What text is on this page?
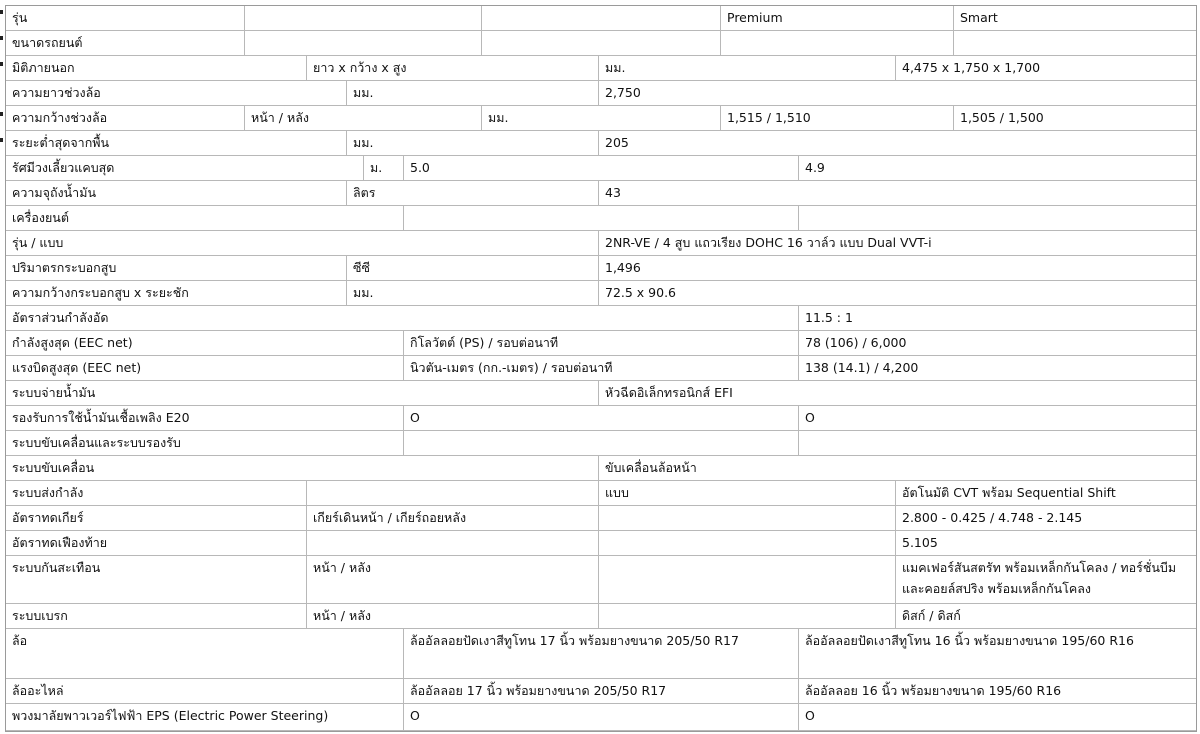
รุ่น	Premium	Smart
ขนาดรถยนต์
มิติภายนอก	ยาว x กว้าง x สูง	มม.	4,475 x 1,750 x 1,700
ความยาวช่วงล้อ	มม.	2,750
ความกว้างช่วงล้อ	หน้า / หลัง	มม.	1,515 / 1,510	1,505 / 1,500
ระยะต่ำสุดจากพื้น	มม.	205
รัศมีวงเลี้ยวแคบสุด	ม.	5.0	4.9
ความจุถังน้ำมัน	ลิตร	43
เครื่องยนต์
รุ่น / แบบ	2NR-VE / 4 สูบ แถวเรียง DOHC 16 วาล์ว แบบ Dual VVT-i
ปริมาตรกระบอกสูบ	ซีซี	1,496
ความกว้างกระบอกสูบ x ระยะชัก	มม.	72.5 x 90.6
อัตราส่วนกำลังอัด	11.5 : 1
กำลังสูงสุด (EEC net)	กิโลวัตต์ (PS) / รอบต่อนาที	78 (106) / 6,000
แรงบิดสูงสุด (EEC net)	นิวตัน-เมตร (กก.-เมตร) / รอบต่อนาที	138 (14.1) / 4,200
ระบบจ่ายน้ำมัน	หัวฉีดอิเล็กทรอนิกส์ EFI
รองรับการใช้น้ำมันเชื้อเพลิง E20	O	O
ระบบขับเคลื่อนและระบบรองรับ
ระบบขับเคลื่อน	ขับเคลื่อนล้อหน้า
ระบบส่งกำลัง	แบบ	อัตโนมัติ CVT พร้อม Sequential Shift
อัตราทดเกียร์	เกียร์เดินหน้า / เกียร์ถอยหลัง	2.800 - 0.425 / 4.748 - 2.145
อัตราทดเฟืองท้าย	5.105
ระบบกันสะเทือน	หน้า / หลัง	แมคเฟอร์สันสตรัท พร้อมเหล็กกันโคลง / ทอร์ชั่นบีม และคอยล์สปริง พร้อมเหล็กกันโคลง
ระบบเบรก	หน้า / หลัง	ดิสก์ / ดิสก์
ล้อ	ล้ออัลลอยปัดเงาสีทูโทน 17 นิ้ว พร้อมยางขนาด 205/50 R17	ล้ออัลลอยปัดเงาสีทูโทน 16 นิ้ว พร้อมยางขนาด 195/60 R16
ล้ออะไหล่	ล้ออัลลอย 17 นิ้ว พร้อมยางขนาด 205/50 R17	ล้ออัลลอย 16 นิ้ว พร้อมยางขนาด 195/60 R16
พวงมาลัยพาวเวอร์ไฟฟ้า EPS (Electric Power Steering)	O	O
